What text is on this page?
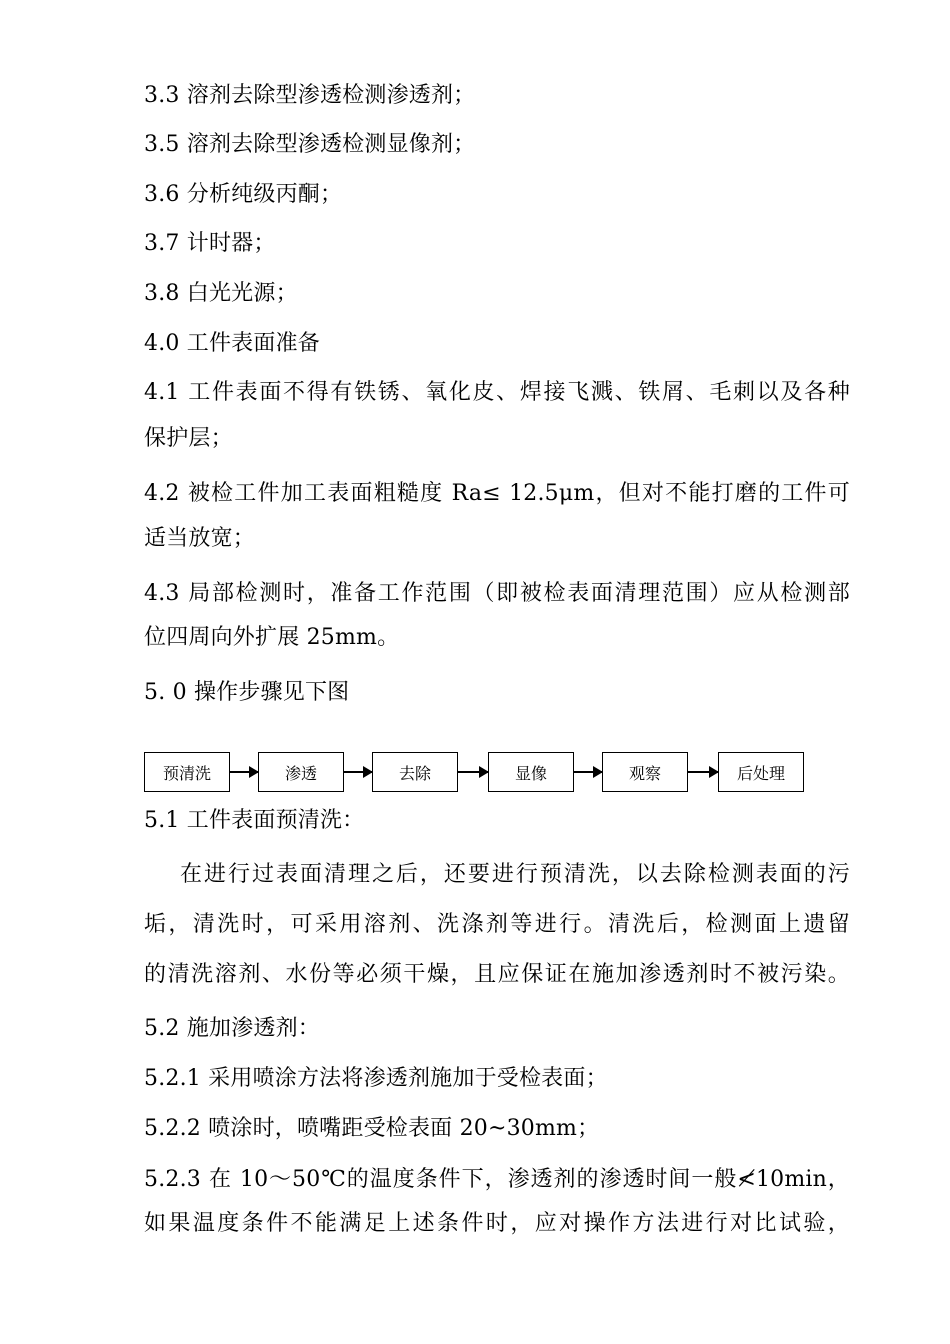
3.3 溶剂去除型渗透检测渗透剂；
3.5 溶剂去除型渗透检测显像剂；
3.6 分析纯级丙酮；
3.7 计时器；
3.8 白光光源；
4.0 工件表面准备
4.1 工件表面不得有铁锈、氧化皮、焊接飞溅、铁屑、毛刺以及各种
保护层；
4.2 被检工件加工表面粗糙度 Ra≤ 12.5μm，但对不能打磨的工件可
适当放宽；
4.3 局部检测时，准备工作范围（即被检表面清理范围）应从检测部
位四周向外扩展 25mm。
5. 0 操作步骤见下图
预清洗	渗透	去除	显像	观察	后处理
5.1 工件表面预清洗：
在进行过表面清理之后，还要进行预清洗，以去除检测表面的污
垢，清洗时，可采用溶剂、洗涤剂等进行。清洗后，检测面上遗留
的清洗溶剂、水份等必须干燥，且应保证在施加渗透剂时不被污染。
5.2 施加渗透剂：
5.2.1 采用喷涂方法将渗透剂施加于受检表面；
5.2.2 喷涂时，喷嘴距受检表面 20~30mm；
5.2.3 在 10～50℃的温度条件下，渗透剂的渗透时间一般≮10min，
如果温度条件不能满足上述条件时，应对操作方法进行对比试验，
